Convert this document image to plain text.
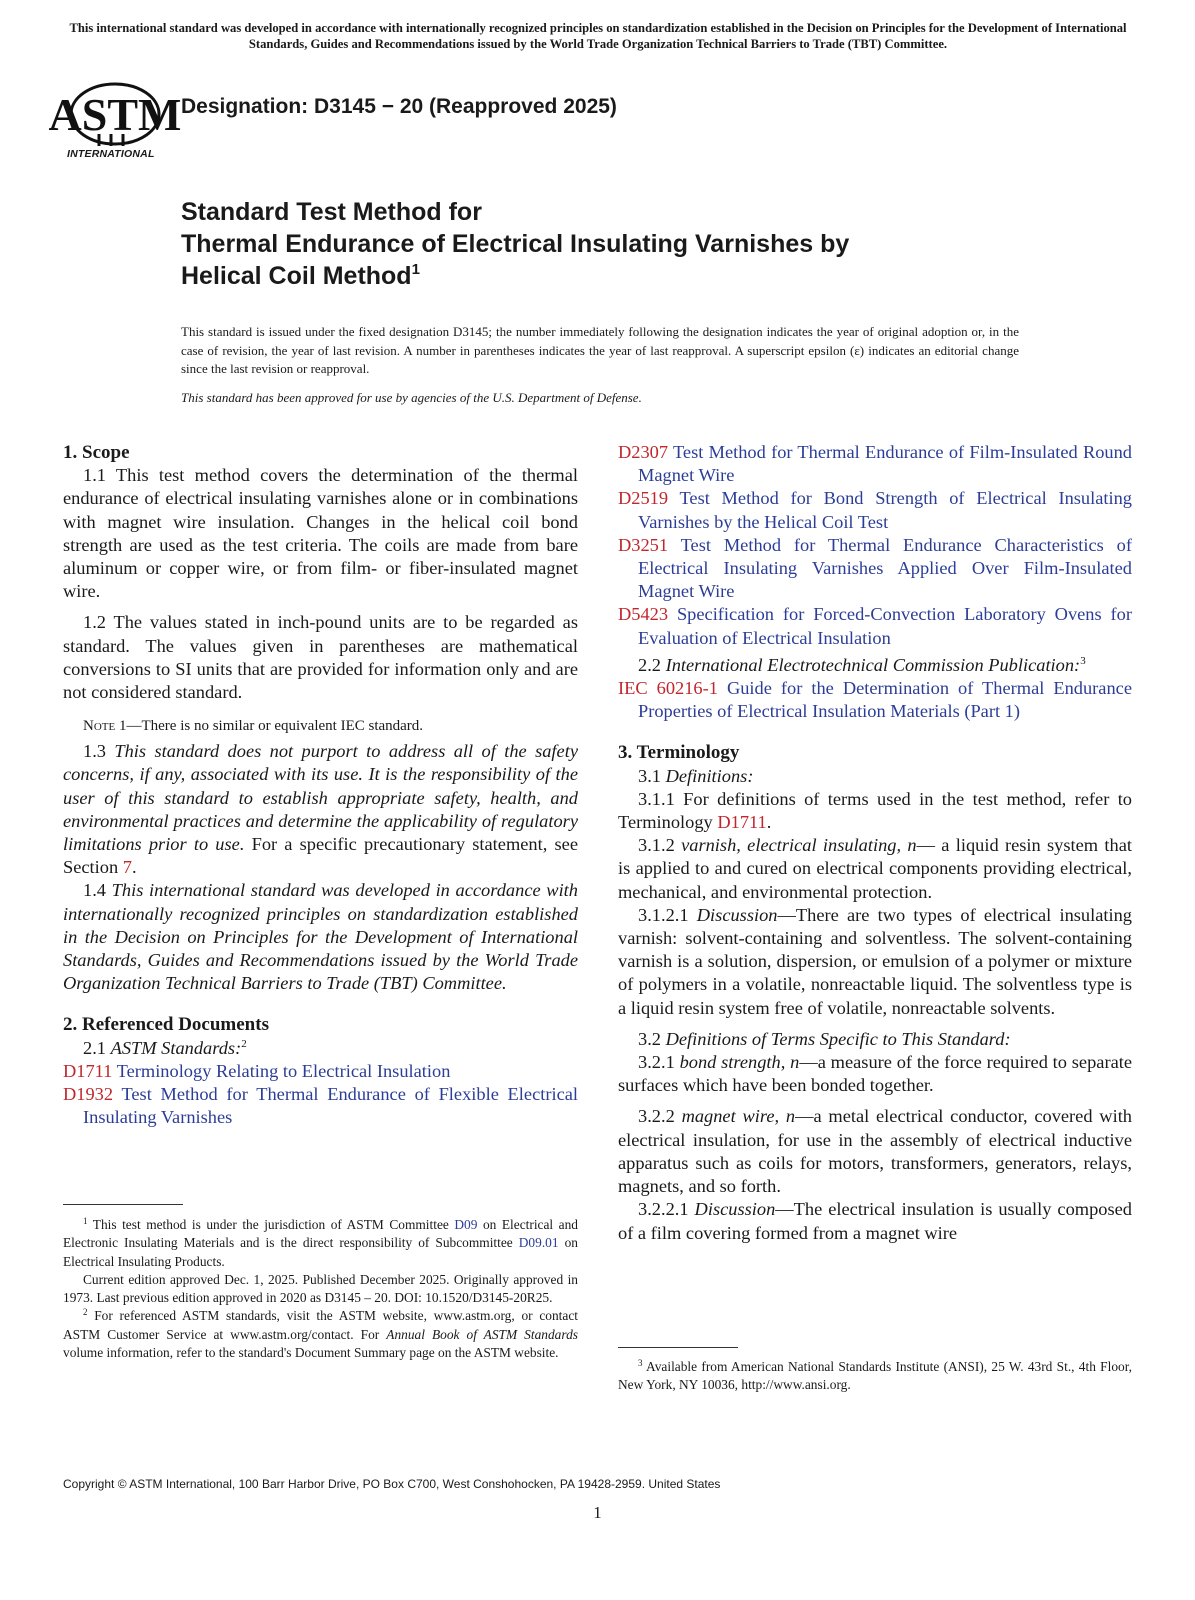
This international standard was developed in accordance with internationally recognized principles on standardization established in the Decision on Principles for the Development of International Standards, Guides and Recommendations issued by the World Trade Organization Technical Barriers to Trade (TBT) Committee.
ASTM
INTERNATIONAL
Designation: D3145 − 20 (Reapproved 2025)
Standard Test Method for
Thermal Endurance of Electrical Insulating Varnishes by
Helical Coil Method$^1$
This standard is issued under the fixed designation D3145; the number immediately following the designation indicates the year of original adoption or, in the case of revision, the year of last revision. A number in parentheses indicates the year of last reapproval. A superscript epsilon (ε) indicates an editorial change since the last revision or reapproval.
This standard has been approved for use by agencies of the U.S. Department of Defense.

1. Scope

1.1 This test method covers the determination of the thermal endurance of electrical insulating varnishes alone or in combinations with magnet wire insulation. Changes in the helical coil bond strength are used as the test criteria. The coils are made from bare aluminum or copper wire, or from film- or fiber-insulated magnet wire.

1.2 The values stated in inch-pound units are to be regarded as standard. The values given in parentheses are mathematical conversions to SI units that are provided for information only and are not considered standard.

Note 1—There is no similar or equivalent IEC standard.

1.3 This standard does not purport to address all of the safety concerns, if any, associated with its use. It is the responsibility of the user of this standard to establish appropriate safety, health, and environmental practices and determine the applicability of regulatory limitations prior to use. For a specific precautionary statement, see Section 7.

1.4 This international standard was developed in accordance with internationally recognized principles on standardization established in the Decision on Principles for the Development of International Standards, Guides and Recommendations issued by the World Trade Organization Technical Barriers to Trade (TBT) Committee.

2. Referenced Documents

2.1 ASTM Standards:$^2$

D1711 Terminology Relating to Electrical Insulation

D1932 Test Method for Thermal Endurance of Flexible Electrical Insulating Varnishes

$^1$ This test method is under the jurisdiction of ASTM Committee D09 on Electrical and Electronic Insulating Materials and is the direct responsibility of Subcommittee D09.01 on Electrical Insulating Products.

Current edition approved Dec. 1, 2025. Published December 2025. Originally approved in 1973. Last previous edition approved in 2020 as D3145 – 20. DOI: 10.1520/D3145-20R25.

$^2$ For referenced ASTM standards, visit the ASTM website, www.astm.org, or contact ASTM Customer Service at www.astm.org/contact. For Annual Book of ASTM Standards volume information, refer to the standard's Document Summary page on the ASTM website.

D2307 Test Method for Thermal Endurance of Film-Insulated Round Magnet Wire

D2519 Test Method for Bond Strength of Electrical Insulating Varnishes by the Helical Coil Test

D3251 Test Method for Thermal Endurance Characteristics of Electrical Insulating Varnishes Applied Over Film-Insulated Magnet Wire

D5423 Specification for Forced-Convection Laboratory Ovens for Evaluation of Electrical Insulation

2.2 International Electrotechnical Commission Publication:$^3$

IEC 60216-1 Guide for the Determination of Thermal Endurance Properties of Electrical Insulation Materials (Part 1)

3. Terminology

3.1 Definitions:

3.1.1 For definitions of terms used in the test method, refer to Terminology D1711.

3.1.2 varnish, electrical insulating, n— a liquid resin system that is applied to and cured on electrical components providing electrical, mechanical, and environmental protection.

3.1.2.1 Discussion—There are two types of electrical insulating varnish: solvent-containing and solventless. The solvent-containing varnish is a solution, dispersion, or emulsion of a polymer or mixture of polymers in a volatile, nonreactable liquid. The solventless type is a liquid resin system free of volatile, nonreactable solvents.

3.2 Definitions of Terms Specific to This Standard:

3.2.1 bond strength, n—a measure of the force required to separate surfaces which have been bonded together.

3.2.2 magnet wire, n—a metal electrical conductor, covered with electrical insulation, for use in the assembly of electrical inductive apparatus such as coils for motors, transformers, generators, relays, magnets, and so forth.

3.2.2.1 Discussion—The electrical insulation is usually composed of a film covering formed from a magnet wire

$^3$ Available from American National Standards Institute (ANSI), 25 W. 43rd St., 4th Floor, New York, NY 10036, http://www.ansi.org.

Copyright © ASTM International, 100 Barr Harbor Drive, PO Box C700, West Conshohocken, PA 19428-2959. United States
1
